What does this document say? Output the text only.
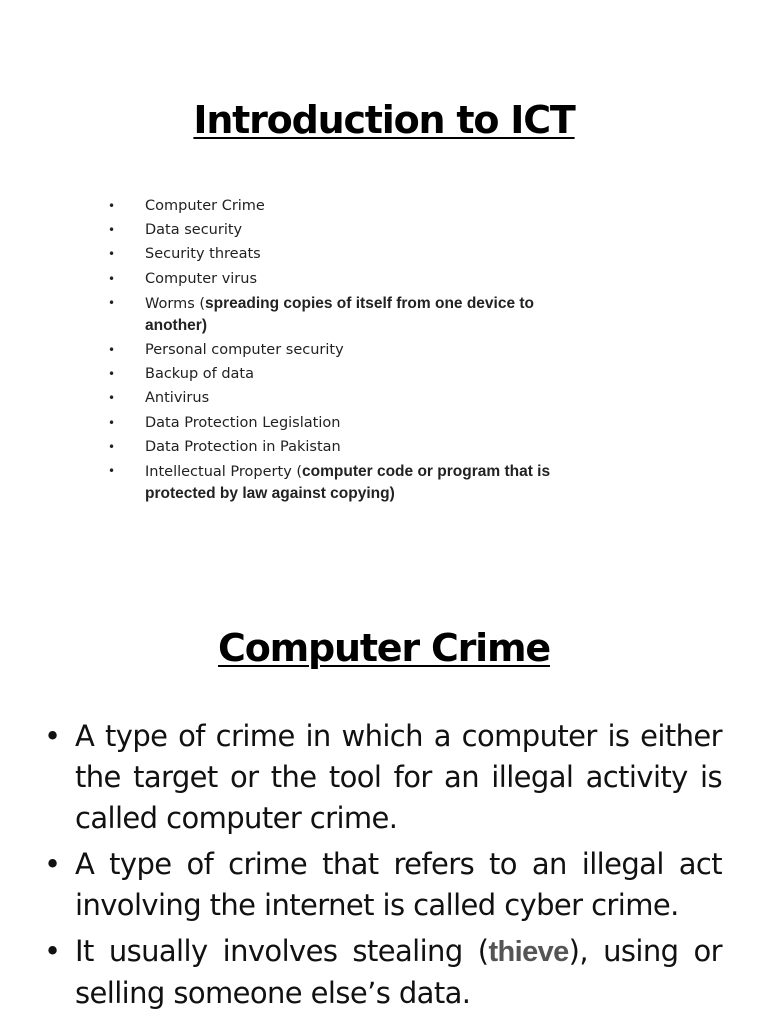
Introduction to ICT
• Computer Crime
• Data security
• Security threats
• Computer virus
• Worms (spreading copies of itself from one device to another)
• Personal computer security
• Backup of data
• Antivirus
• Data Protection Legislation
• Data Protection in Pakistan
• Intellectual Property (computer code or program that is protected by law against copying)
Computer Crime
• A type of crime in which a computer is either the target or the tool for an illegal activity is called computer crime.
• A type of crime that refers to an illegal act involving the internet is called cyber crime.
• It usually involves stealing (thieve), using or selling someone else’s data.
